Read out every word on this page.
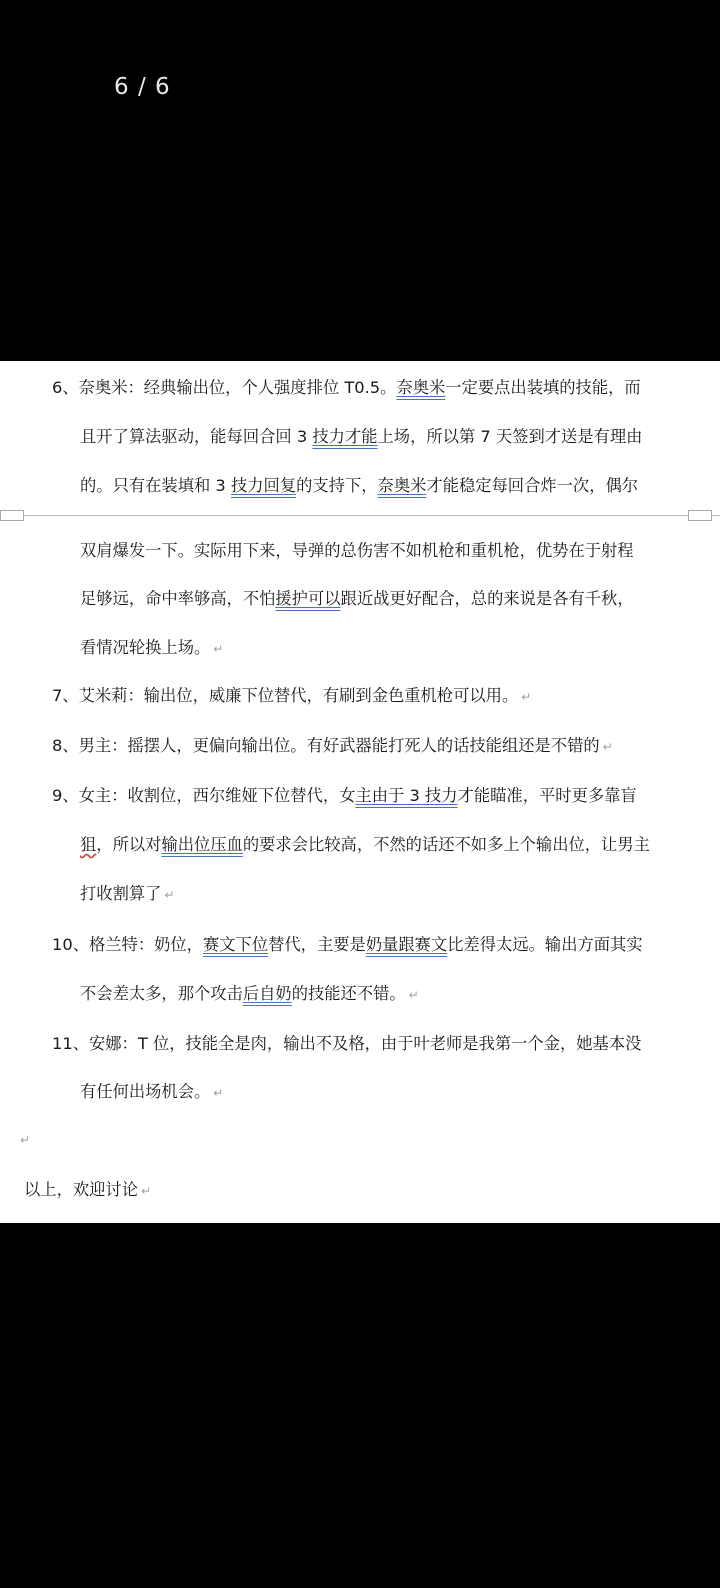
6 / 6
6、奈奥米：经典输出位，个人强度排位 T0.5。奈奥米一定要点出装填的技能，而
且开了算法驱动，能每回合回 3 技力才能上场，所以第 7 天签到才送是有理由
的。只有在装填和 3 技力回复的支持下，奈奥米才能稳定每回合炸一次，偶尔
双肩爆发一下。实际用下来，导弹的总伤害不如机枪和重机枪，优势在于射程
足够远，命中率够高，不怕援护可以跟近战更好配合，总的来说是各有千秋，
看情况轮换上场。 ↵
7、艾米莉：输出位，威廉下位替代，有刷到金色重机枪可以用。 ↵
8、男主：摇摆人，更偏向输出位。有好武器能打死人的话技能组还是不错的 ↵
9、女主：收割位，西尔维娅下位替代，女主由于 3 技力才能瞄准，平时更多靠盲
狙，所以对输出位压血的要求会比较高，不然的话还不如多上个输出位，让男主
打收割算了 ↵
10、格兰特：奶位，赛文下位替代，主要是奶量跟赛文比差得太远。输出方面其实
不会差太多，那个攻击后自奶的技能还不错。 ↵
11、安娜：T 位，技能全是肉，输出不及格，由于叶老师是我第一个金，她基本没
有任何出场机会。 ↵
↵
以上，欢迎讨论 ↵
